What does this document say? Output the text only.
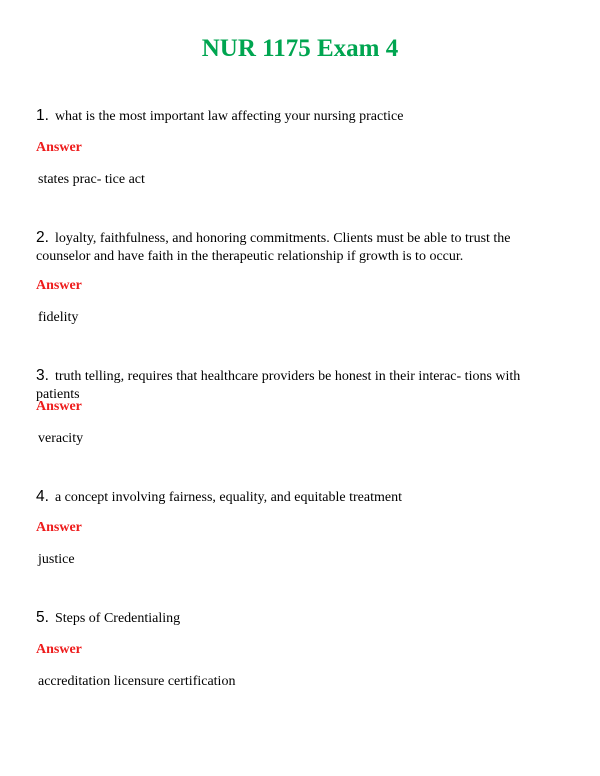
NUR 1175 Exam 4

1. what is the most important law affecting your nursing practice

Answer

states prac- tice act

2. loyalty, faithfulness, and honoring commitments. Clients must be able to trust the counselor and have faith in the therapeutic relationship if growth is to occur.

Answer

fidelity

3. truth telling, requires that healthcare providers be honest in their interac- tions with patients

Answer

veracity

4. a concept involving fairness, equality, and equitable treatment

Answer

justice

5. Steps of Credentialing

Answer

accreditation licensure certification
